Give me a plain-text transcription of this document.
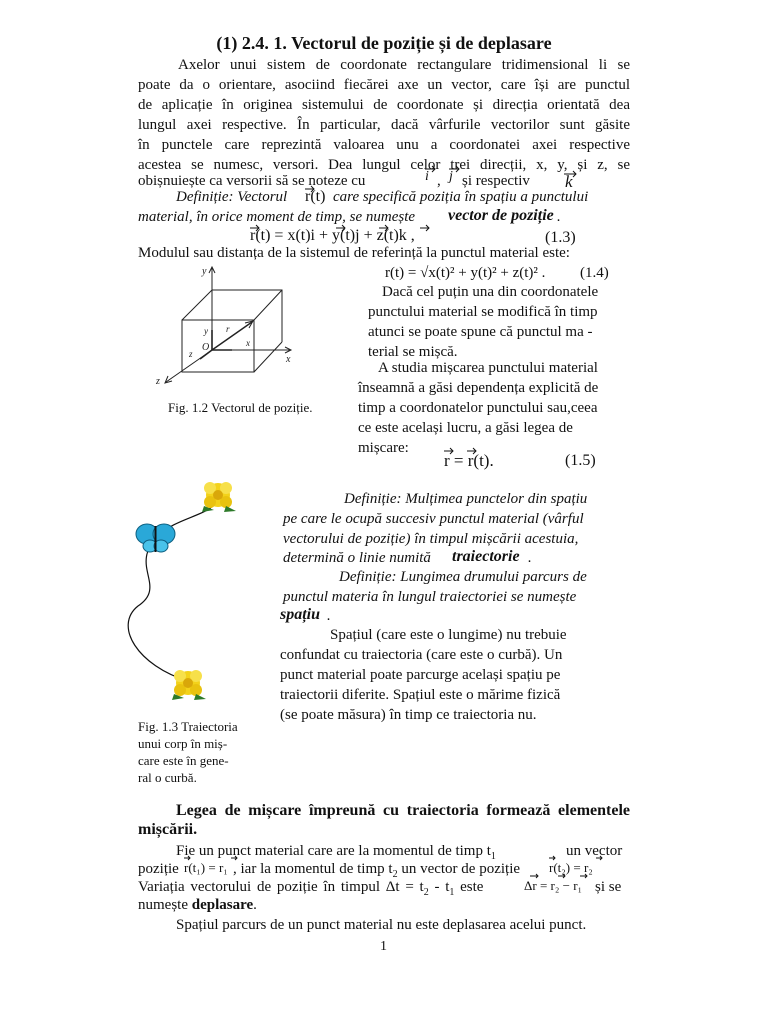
(1) 2.4. 1. Vectorul de poziție și de deplasare
Axelor unui sistem de coordonate rectangulare tridimensional li se
poate da o orientare, asociind fiecărei axe un vector, care își are punctul
de aplicație în originea sistemului de coordonate și direcția orientată dea
lungul axei respective. În particular, dacă vârfurile vectorilor sunt găsite
în punctele care reprezintă valoarea unu a coordonatei axei respective
acestea se numesc, versori. Dea lungul celor trei direcții, x, y, și z, se
obișnuiește ca versorii să se noteze cu	i , j și respectiv k
Definiție: Vectorul r(t) care specifică poziția în spațiu a punctului
material, în orice moment de timp, se numește vector de poziție .
r(t) = x(t)i + y(t)j + z(t)k ,	(1.3)
Modulul sau distanța de la sistemul de referință la punctul material este:
r(t) = √x(t)² + y(t)² + z(t)² . (1.4)
y
x
z
O
y r
x
z
Fig. 1.2 Vectorul de poziție.
Dacă cel puțin una din coordonatele
punctului material se modifică în timp
atunci se poate spune că punctul ma -
terial se mișcă.
A studia mișcarea punctului material
înseamnă a găsi dependența explicită de
timp a coordonatelor punctului sau,ceea
ce este același lucru, a găsi legea de
mișcare:
r = r(t).	(1.5)
Definiție: Mulțimea punctelor din spațiu
pe care le ocupă succesiv punctul material (vârful
vectorului de poziție) în timpul mișcării acestuia,
determină o linie numită traiectorie .
Definiție: Lungimea drumului parcurs de
punctul materia în lungul traiectoriei se numește
spațiu .
Spațiul (care este o lungime) nu trebuie
confundat cu traiectoria (care este o curbă). Un
punct material poate parcurge același spațiu pe
traiectorii diferite. Spațiul este o mărime fizică
(se poate măsura) în timp ce traiectoria nu.
Fig. 1.3 Traiectoria
unui corp în miș-
care este în gene-
ral o curbă.
Legea de mișcare împreună cu traiectoria formează elementele
mișcării.
Fie un punct material care are la momentul de timp $t_1$	un vector
poziție r(t₁) = r₁ , iar la momentul de timp $t_2$ un vector de poziție r(t₂) = r₂
Variația vectorului de poziție în timpul $\Delta t = t_2 - t_1$ este	Δr = r₂ − r₁ și se
numește deplasare.
Spațiul parcurs de un punct material nu este deplasarea acelui punct.
1
